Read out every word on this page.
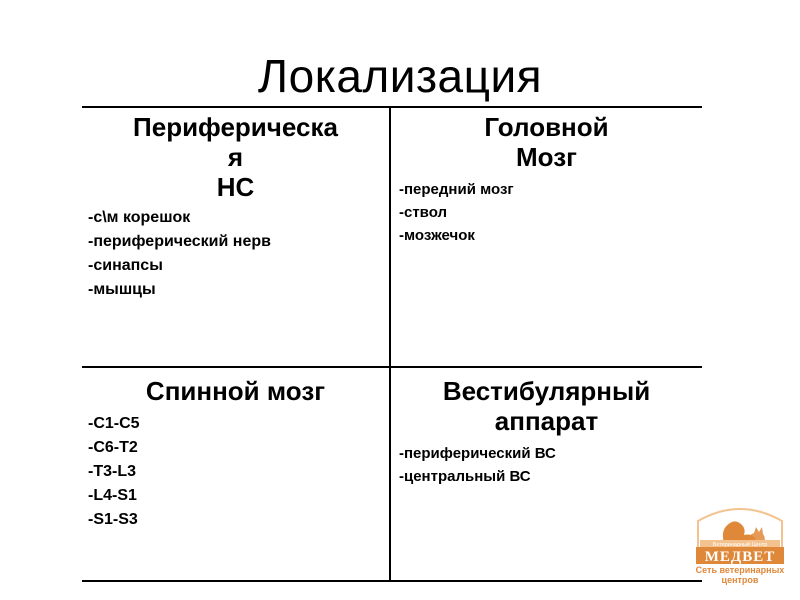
Локализация
Периферическа
я
НС
-с\м корешок
-периферический нерв
-синапсы
-мышцы
Головной
Мозг
-передний мозг
-ствол
-мозжечок
Спинной мозг
-С1-С5
-С6-Т2
-Т3-L3
-L4-S1
-S1-S3
Вестибулярный
аппарат
-периферический ВС
-центральный ВС
Ветеринарный Центр
МЕДВЕТ
Сеть ветеринарных
центров
